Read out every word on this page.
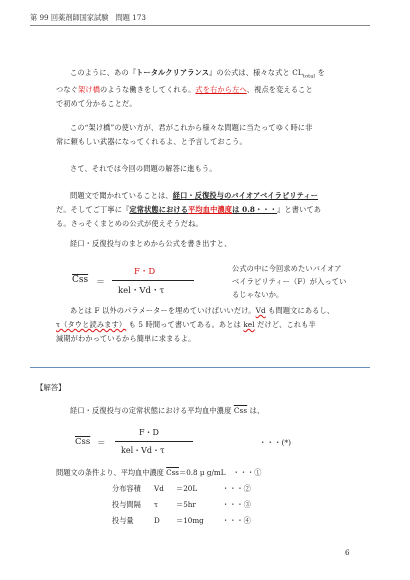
第 99 回薬剤師国家試験　問題 173
このように、あの『トータルクリアランス』の公式は、様々な式と $CL_{total}$ を
つなぐ架け橋のような働きをしてくれる。式を右から左へ、視点を変えること
で初めて分かることだ。
この“架け橋”の使い方が、君がこれから様々な問題に当たってゆく時に非
常に頼もしい武器になってくれるよ、と予言しておこう。
さて、それでは今回の問題の解答に進もう。
問題文で聞かれていることは、経口・反復投与のバイオアベイラビリティー
だ。そしてご丁寧に『定常状態における平均血中濃度は 0.8・・・』と書いてあ
る。さっそくまとめの公式が使えそうだね。
経口・反復投与のまとめから公式を書き出すと、
$\overline{Css}$ ＝
F・D
kel・Vd・τ
公式の中に今回求めたいバイオア
ベイラビリティー（F）が入ってい
るじゃないか。
あとは F 以外のパラメーターを埋めていけばいいだけ。Vd も問題文にあるし、
τ（タウと読みます） も 5 時間って書いてある。あとは kel だけど、これも半
減期がわかっているから簡単に求まるよ。
【解答】
経口・反復投与の定常状態における平均血中濃度 $\overline{Css}$ は、
$\overline{Css}$ ＝
F・D
kel・Vd・τ
・・・(*)
問題文の条件より、平均血中濃度 $\overline{Css}=0.8$ μ g/mL　・・・①
分布容積 Vd ＝20L	・・・②
投与間隔 τ	＝5hr	・・・③
投与量	D ＝10mg	・・・④
6
